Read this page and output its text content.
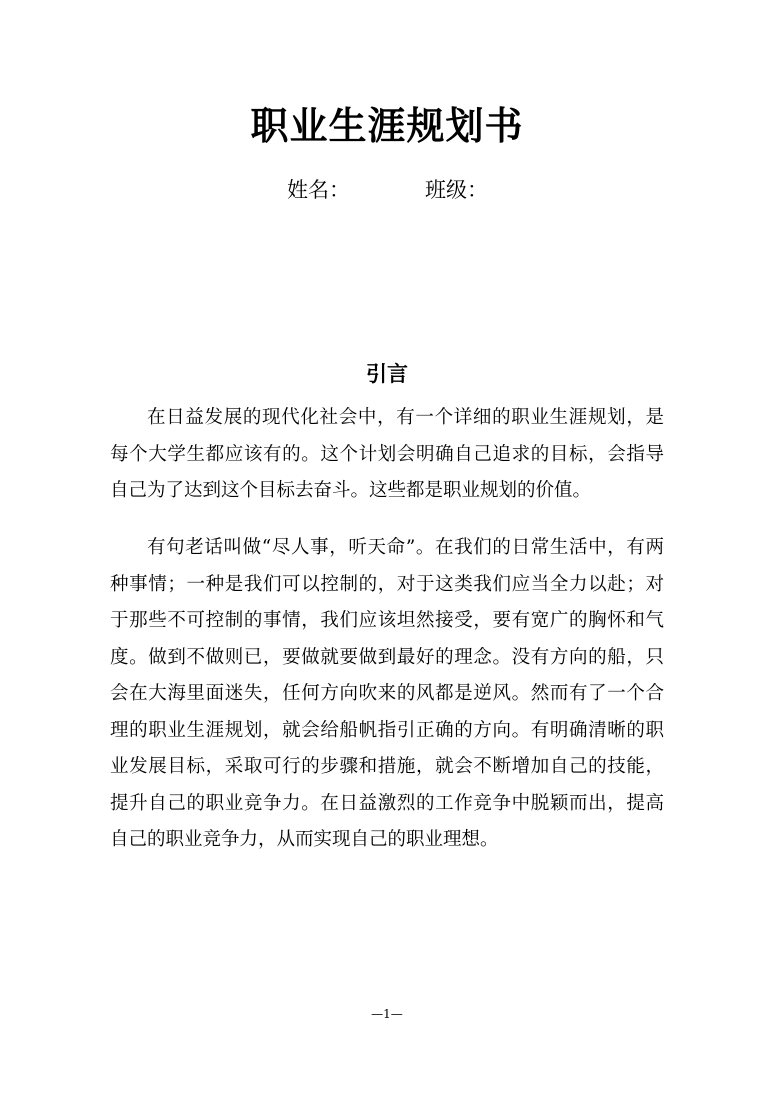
职业生涯规划书
姓名：	班级：
引言

在日益发展的现代化社会中，有一个详细的职业生涯规划，是每个大学生都应该有的。这个计划会明确自己追求的目标，会指导自己为了达到这个目标去奋斗。这些都是职业规划的价值。

有句老话叫做“尽人事，听天命”。在我们的日常生活中，有两种事情；一种是我们可以控制的，对于这类我们应当全力以赴；对于那些不可控制的事情，我们应该坦然接受，要有宽广的胸怀和气度。做到不做则已，要做就要做到最好的理念。没有方向的船，只会在大海里面迷失，任何方向吹来的风都是逆风。然而有了一个合理的职业生涯规划，就会给船帆指引正确的方向。有明确清晰的职业发展目标，采取可行的步骤和措施，就会不断增加自己的技能，提升自己的职业竞争力。在日益激烈的工作竞争中脱颖而出，提高自己的职业竞争力，从而实现自己的职业理想。

—1—
